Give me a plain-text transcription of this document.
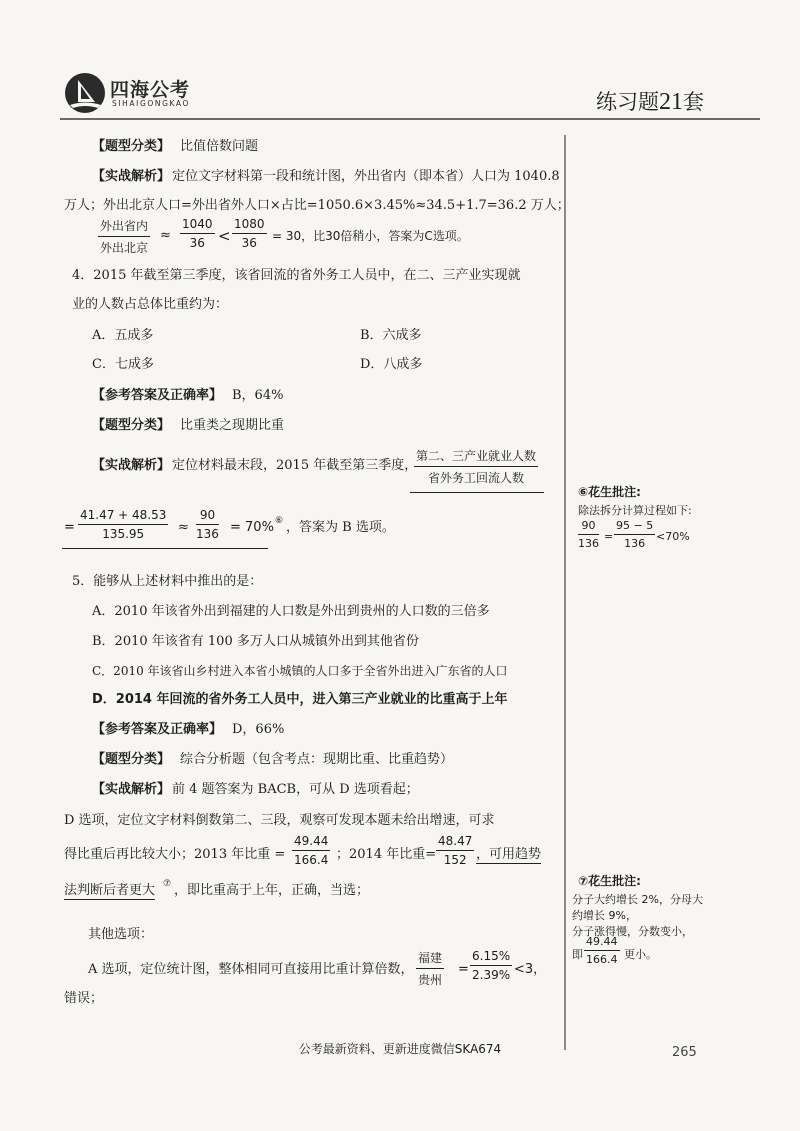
四海公考
SIHAIGONGKAO	练习题21套
【题型分类】 比值倍数问题
【实战解析】 定位文字材料第一段和统计图，外出省内（即本省）人口为 1040.8
万人；外出北京人口=外出省外人口×占比=1050.6×3.45%≈34.5+1.7=36.2 万人；
外出省内
外出北京
≈ $\frac{1040}{36} < \frac{1080}{36} = 30$，比30倍稍小，答案为C选项。
4．2015 年截至第三季度，该省回流的省外务工人员中，在二、三产业实现就
业的人数占总体比重约为：
A．五成多	B．六成多
C．七成多	D．八成多
【参考答案及正确率】 B，64%
【题型分类】 比重类之现期比重
【实战解析】 定位材料最末段，2015 年截至第三季度，
第二、三产业就业人数
省外务工回流人数
= $\frac{41.47 + 48.53}{135.95} \approx \frac{90}{136} = 70\%$ ⑥ ，答案为 B 选项。
5．能够从上述材料中推出的是：
A．2010 年该省外出到福建的人口数是外出到贵州的人口数的三倍多
B．2010 年该省有 100 多万人口从城镇外出到其他省份
C．2010 年该省山乡村进入本省小城镇的人口多于全省外出进入广东省的人口
D．2014 年回流的省外务工人员中，进入第三产业就业的比重高于上年
【参考答案及正确率】 D，66%
【题型分类】 综合分析题（包含考点：现期比重、比重趋势）
【实战解析】 前 4 题答案为 BACB，可从 D 选项看起；
D 选项，定位文字材料倒数第二、三段，观察可发现本题未给出增速，可求
得比重后再比较大小；2013 年比重 = $\frac{49.44}{166.4}$ ；2014 年比重= $\frac{48.47}{152}$ ，可用趋势
法判断后者更大 ⑦ ，即比重高于上年，正确，当选；
其他选项：
A 选项，定位统计图，整体相同可直接用比重计算倍数，
福建
贵州
= $\frac{6.15\%}{2.39\%} <3$，
错误；
⑥花生批注:
除法拆分计算过程如下:
$\frac{90}{136} = \frac{95 - 5}{136} <70\%$
⑦花生批注:
分子大约增长 2%，分母大
约增长 9%，
分子涨得慢，分数变小，
即 $\frac{49.44}{166.4}$ 更小。
公考最新资料、更新进度微信SKA674	265
